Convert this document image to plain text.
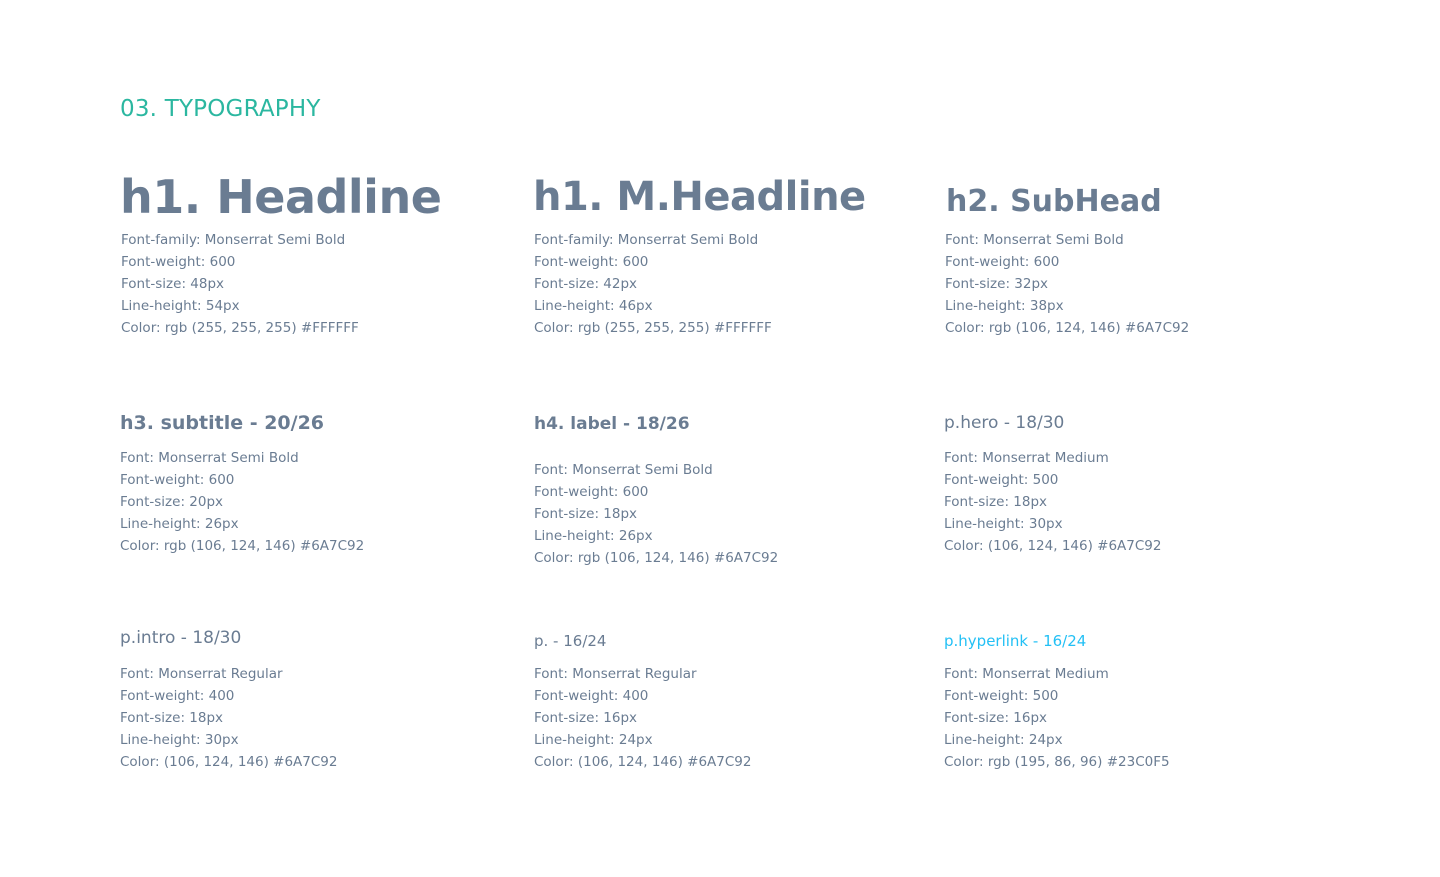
03. TYPOGRAPHY
h1. Headline
Font-family: Monserrat Semi Bold
Font-weight: 600
Font-size: 48px
Line-height: 54px
Color: rgb (255, 255, 255) #FFFFFF
h1. M.Headline
Font-family: Monserrat Semi Bold
Font-weight: 600
Font-size: 42px
Line-height: 46px
Color: rgb (255, 255, 255) #FFFFFF
h2. SubHead
Font: Monserrat Semi Bold
Font-weight: 600
Font-size: 32px
Line-height: 38px
Color: rgb (106, 124, 146) #6A7C92
h3. subtitle - 20/26
Font: Monserrat Semi Bold
Font-weight: 600
Font-size: 20px
Line-height: 26px
Color: rgb (106, 124, 146) #6A7C92
h4. label - 18/26
Font: Monserrat Semi Bold
Font-weight: 600
Font-size: 18px
Line-height: 26px
Color: rgb (106, 124, 146) #6A7C92
p.hero - 18/30
Font: Monserrat Medium
Font-weight: 500
Font-size: 18px
Line-height: 30px
Color: (106, 124, 146) #6A7C92
p.intro - 18/30
Font: Monserrat Regular
Font-weight: 400
Font-size: 18px
Line-height: 30px
Color: (106, 124, 146) #6A7C92
p. - 16/24
Font: Monserrat Regular
Font-weight: 400
Font-size: 16px
Line-height: 24px
Color: (106, 124, 146) #6A7C92
p.hyperlink - 16/24
Font: Monserrat Medium
Font-weight: 500
Font-size: 16px
Line-height: 24px
Color: rgb (195, 86, 96) #23C0F5
